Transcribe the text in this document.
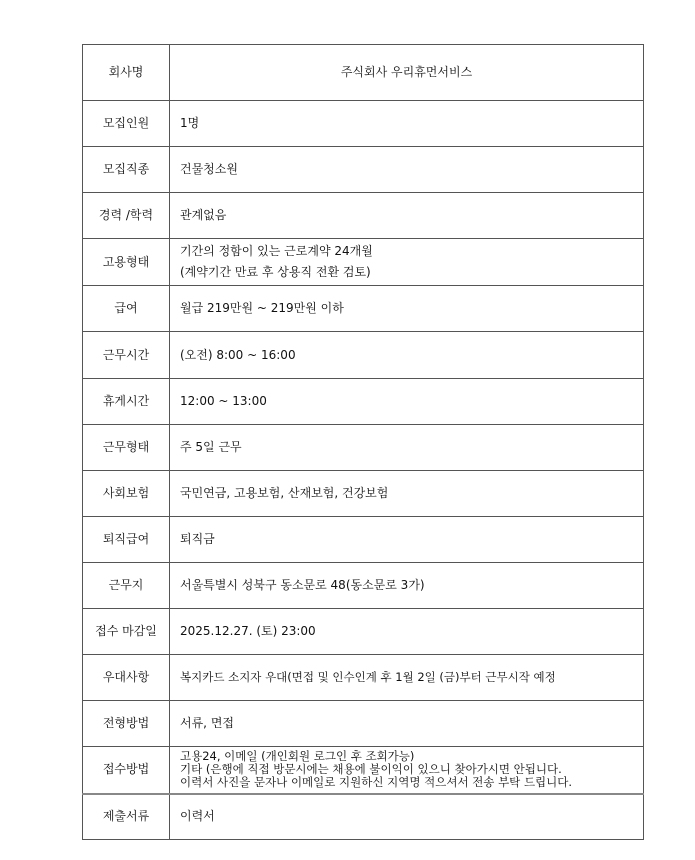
회사명	주식회사 우리휴먼서비스
모집인원	1명
모집직종	건물청소원
경력 /학력	관계없음
고용형태	기간의 정함이 있는 근로계약 24개월
(계약기간 만료 후 상용직 전환 검토)

급여	월급 219만원 ~ 219만원 이하
근무시간	(오전) 8:00 ~ 16:00
휴게시간	12:00 ~ 13:00
근무형태	주 5일 근무
사회보험	국민연금, 고용보험, 산재보험, 건강보험
퇴직급여	퇴직금
근무지	서울특별시 성북구 동소문로 48(동소문로 3가)
접수 마감일	2025.12.27. (토) 23:00
우대사항	복지카드 소지자 우대(면접 및 인수인계 후 1월 2일 (금)부터 근무시작 예정
전형방법	서류, 면접
접수방법	고용24, 이메일 (개인회원 로그인 후 조회가능)
기타 (은행에 직접 방문시에는 채용에 불이익이 있으니 찾아가시면 안됩니다.
이력서 사진을 문자나 이메일로 지원하신 지역명 적으셔서 전송 부탁 드립니다.

제출서류	이력서
